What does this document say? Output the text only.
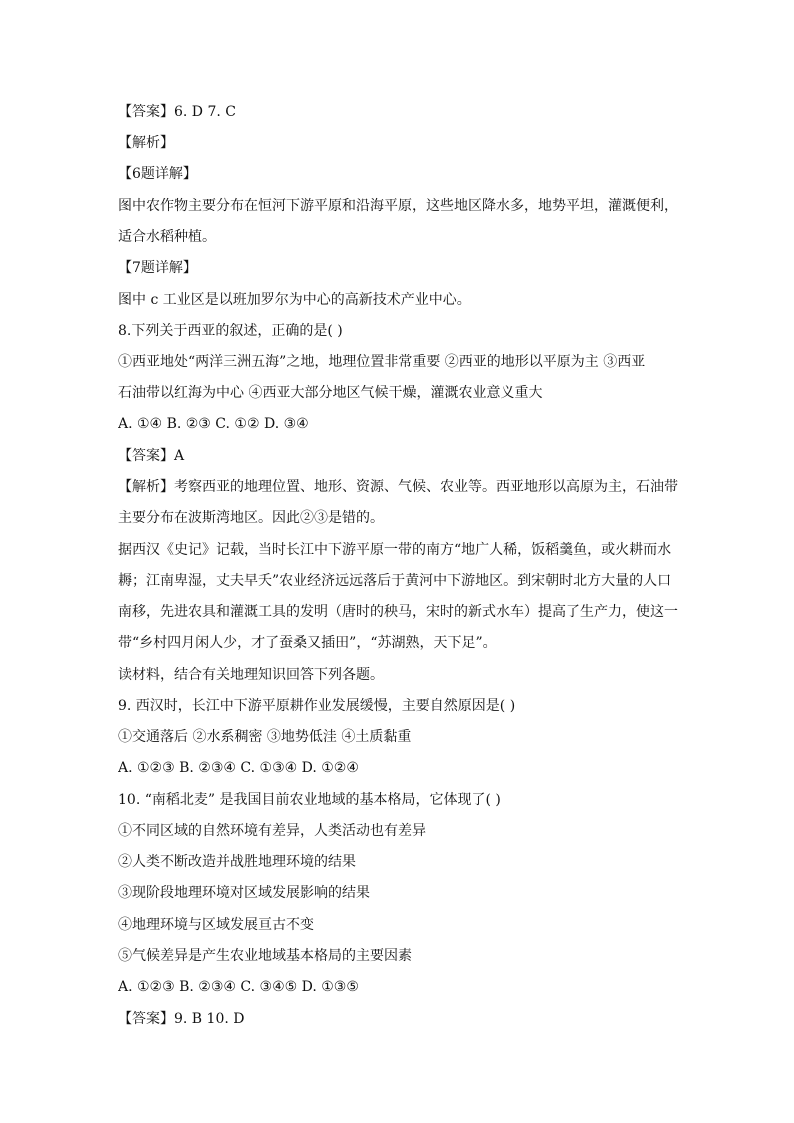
【答案】6. D 7. C
【解析】
【6题详解】
图中农作物主要分布在恒河下游平原和沿海平原，这些地区降水多，地势平坦，灌溉便利，
适合水稻种植。
【7题详解】
图中 c 工业区是以班加罗尔为中心的高新技术产业中心。
8.下列关于西亚的叙述，正确的是( )
①西亚地处“两洋三洲五海”之地，地理位置非常重要 ②西亚的地形以平原为主 ③西亚
石油带以红海为中心 ④西亚大部分地区气候干燥，灌溉农业意义重大
A. ①④ B. ②③ C. ①② D. ③④
【答案】A
【解析】考察西亚的地理位置、地形、资源、气候、农业等。西亚地形以高原为主，石油带
主要分布在波斯湾地区。因此②③是错的。
据西汉《史记》记载，当时长江中下游平原一带的南方“地广人稀，饭稻羹鱼，或火耕而水
耨；江南卑湿，丈夫早夭”农业经济远远落后于黄河中下游地区。到宋朝时北方大量的人口
南移，先进农具和灌溉工具的发明（唐时的秧马，宋时的新式水车）提高了生产力，使这一
带“乡村四月闲人少，才了蚕桑又插田”，“苏湖熟，天下足”。
读材料，结合有关地理知识回答下列各题。
9. 西汉时，长江中下游平原耕作业发展缓慢，主要自然原因是( )
①交通落后 ②水系稠密 ③地势低洼 ④土质黏重
A. ①②③ B. ②③④ C. ①③④ D. ①②④
10. “南稻北麦” 是我国目前农业地域的基本格局，它体现了( )
①不同区域的自然环境有差异，人类活动也有差异
②人类不断改造并战胜地理环境的结果
③现阶段地理环境对区域发展影响的结果
④地理环境与区域发展亘古不变
⑤气候差异是产生农业地域基本格局的主要因素
A. ①②③ B. ②③④ C. ③④⑤ D. ①③⑤
【答案】9. B 10. D
